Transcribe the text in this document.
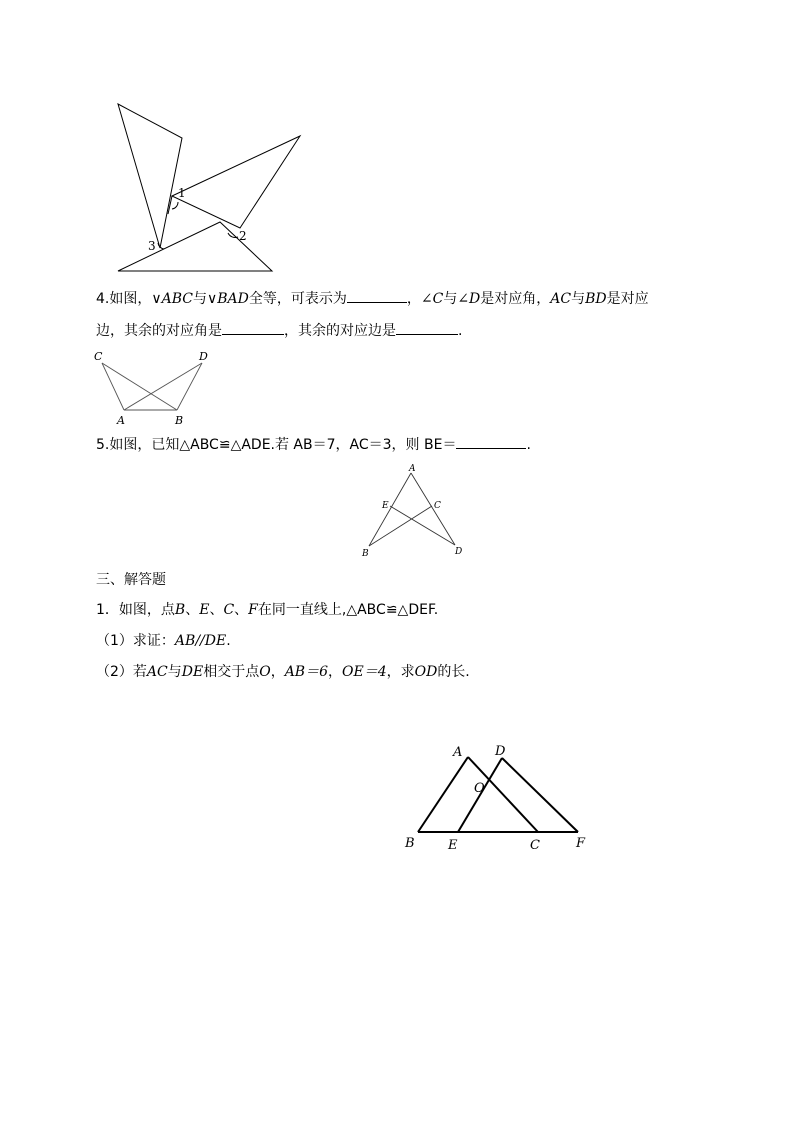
1
2
3
4.如图，∨ABC与∨BAD全等，可表示为	，∠C与∠D是对应角，AC与BD是对应
边，其余的对应角是	，其余的对应边是	.
C	D
A	B
5.如图，已知△ABC≌△ADE.若 AB＝7，AC＝3，则 BE＝	.
A
E	C
B	D
三、解答题
1．如图，点B、E、C、F在同一直线上,△ABC≌△DEF.
（1）求证：AB//DE.
（2）若AC与DE相交于点O，AB＝6，OE＝4，求OD的长.
A	D
O
B	E	C	F
